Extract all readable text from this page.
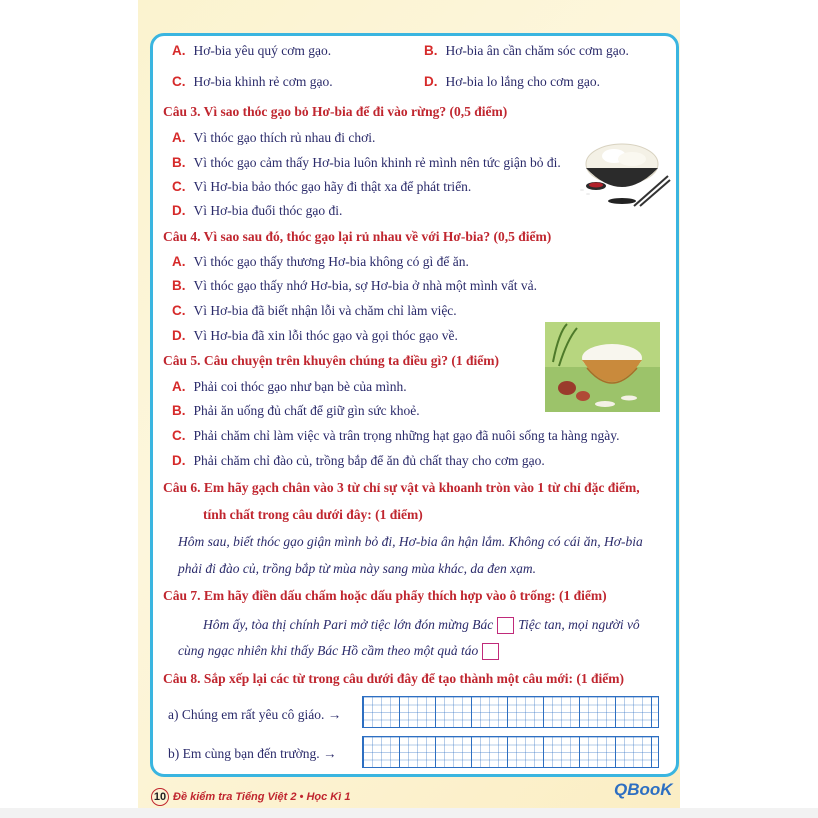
A. Hơ-bia yêu quý cơm gạo.	B. Hơ-bia ân cần chăm sóc cơm gạo.
C. Hơ-bia khinh rẻ cơm gạo.	D. Hơ-bia lo lắng cho cơm gạo.
Câu 3. Vì sao thóc gạo bỏ Hơ-bia để đi vào rừng? (0,5 điểm)
A. Vì thóc gạo thích rủ nhau đi chơi.
B. Vì thóc gạo cảm thấy Hơ-bia luôn khinh rẻ mình nên tức giận bỏ đi.
C. Vì Hơ-bia bảo thóc gạo hãy đi thật xa để phát triển.
D. Vì Hơ-bia đuổi thóc gạo đi.
Câu 4. Vì sao sau đó, thóc gạo lại rủ nhau về với Hơ-bia? (0,5 điểm)
A. Vì thóc gạo thấy thương Hơ-bia không có gì để ăn.
B. Vì thóc gạo thấy nhớ Hơ-bia, sợ Hơ-bia ở nhà một mình vất vả.
C. Vì Hơ-bia đã biết nhận lỗi và chăm chỉ làm việc.
D. Vì Hơ-bia đã xin lỗi thóc gạo và gọi thóc gạo về.
Câu 5. Câu chuyện trên khuyên chúng ta điều gì? (1 điểm)
A. Phải coi thóc gạo như bạn bè của mình.
B. Phải ăn uống đủ chất để giữ gìn sức khoẻ.
C. Phải chăm chỉ làm việc và trân trọng những hạt gạo đã nuôi sống ta hàng ngày.
D. Phải chăm chỉ đào củ, trồng bắp để ăn đủ chất thay cho cơm gạo.
Câu 6. Em hãy gạch chân vào 3 từ chỉ sự vật và khoanh tròn vào 1 từ chỉ đặc điểm,
tính chất trong câu dưới đây: (1 điểm)
Hôm sau, biết thóc gạo giận mình bỏ đi, Hơ-bia ân hận lắm. Không có cái ăn, Hơ-bia
phải đi đào củ, trồng bắp từ mùa này sang mùa khác, da đen xạm.
Câu 7. Em hãy điền dấu chấm hoặc dấu phẩy thích hợp vào ô trống: (1 điểm)
Hôm ấy, tòa thị chính Pari mở tiệc lớn đón mừng Bác Tiệc tan, mọi người vô
cùng ngạc nhiên khi thấy Bác Hồ cầm theo một quả táo
Câu 8. Sắp xếp lại các từ trong câu dưới đây để tạo thành một câu mới: (1 điểm)
a) Chúng em rất yêu cô giáo. →
b) Em cùng bạn đến trường. →
10 Đề kiểm tra Tiếng Việt 2 • Học Kì 1	QBooK
